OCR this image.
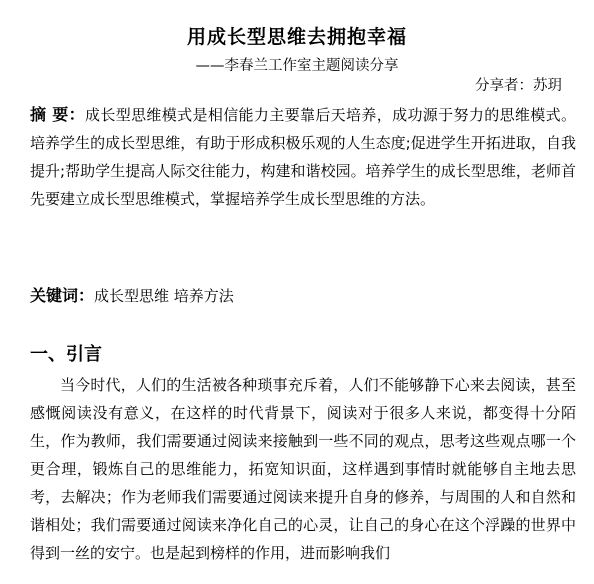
用成长型思维去拥抱幸福
——李春兰工作室主题阅读分享
分享者：苏玥

摘 要：成长型思维模式是相信能力主要靠后天培养，成功源于努力的思维模式。培养学生的成长型思维，有助于形成积极乐观的人生态度;促进学生开拓进取，自我提升;帮助学生提高人际交往能力，构建和谐校园。培养学生的成长型思维，老师首先要建立成长型思维模式，掌握培养学生成长型思维的方法。

关键词：成长型思维 培养方法

一、引言

当今时代，人们的生活被各种琐事充斥着，人们不能够静下心来去阅读，甚至感慨阅读没有意义，在这样的时代背景下，阅读对于很多人来说，都变得十分陌生，作为教师，我们需要通过阅读来接触到一些不同的观点，思考这些观点哪一个更合理，锻炼自己的思维能力，拓宽知识面，这样遇到事情时就能够自主地去思考，去解决；作为老师我们需要通过阅读来提升自身的修养，与周围的人和自然和谐相处；我们需要通过阅读来净化自己的心灵，让自己的身心在这个浮躁的世界中得到一丝的安宁。也是起到榜样的作用，进而影响我们
